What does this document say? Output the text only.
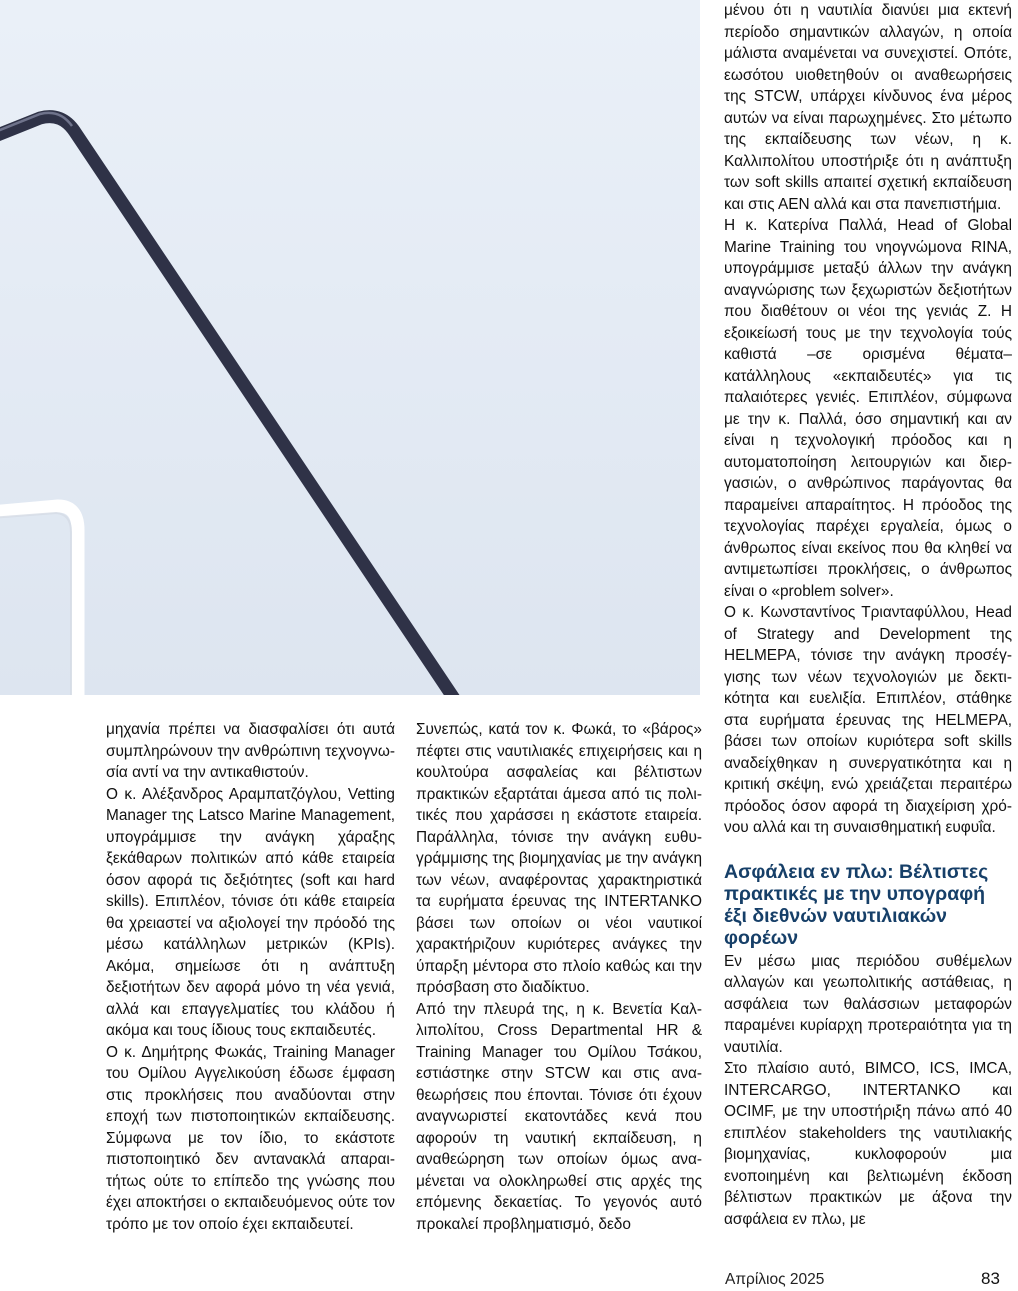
μηχανία πρέπει να διασφαλίσει ότι αυτά συμπληρώνουν την ανθρώπινη τεχνογνωσία αντί να την αντικαθιστούν.

Ο κ. Αλέξανδρος Αραμπατζόγλου, Vetting Manager της Latsco Marine Management, υπογράμμισε την ανάγκη χάραξης ξεκάθαρων πολιτικών από κάθε εταιρεία όσον αφορά τις δεξιότητες (soft και hard skills). Επιπλέον, τόνισε ότι κάθε εταιρεία θα χρειαστεί να αξιολογεί την πρόοδό της μέσω κατάλληλων μετρικών (KPIs). Ακόμα, σημείωσε ότι η ανάπτυξη δεξιοτήτων δεν αφορά μόνο τη νέα γενιά, αλλά και επαγγελματίες του κλάδου ή ακόμα και τους ίδιους τους εκπαιδευτές.

Ο κ. Δημήτρης Φωκάς, Training Manager του Ομίλου Αγγελικούση έδωσε έμφαση στις προκλήσεις που αναδύονται στην εποχή των πιστοποιητικών εκπαίδευσης. Σύμφωνα με τον ίδιο, το εκάστοτε πιστοποιητικό δεν αντανακλά απαραιτήτως ούτε το επίπεδο της γνώσης που έχει αποκτήσει ο εκπαιδευόμενος ούτε τον τρόπο με τον οποίο έχει εκπαιδευτεί.

Συνεπώς, κατά τον κ. Φωκά, το «βάρος» πέφτει στις ναυτιλιακές επιχειρήσεις και η κουλτούρα ασφαλείας και βέλτιστων πρακτικών εξαρτάται άμεσα από τις πολιτικές που χαράσσει η εκάστοτε εταιρεία. Παράλληλα, τόνισε την ανάγκη ευθυγράμμισης της βιομηχανίας με την ανάγκη των νέων, αναφέροντας χαρακτηριστικά τα ευρήματα έρευνας της INTERTANKO βάσει των οποίων οι νέοι ναυτικοί χαρακτήριζουν κυριότερες ανάγκες την ύπαρξη μέντορα στο πλοίο καθώς και την πρόσβαση στο διαδίκτυο.

Από την πλευρά της, η κ. Βενετία Καλλιπολίτου, Cross Departmental HR & Training Manager του Ομίλου Τσάκου, εστιάστηκε στην STCW και στις αναθεωρήσεις που έπονται. Τόνισε ότι έχουν αναγνωριστεί εκατοντάδες κενά που αφορούν τη ναυτική εκπαίδευση, η αναθεώρηση των οποίων όμως αναμένεται να ολοκληρωθεί στις αρχές της επόμενης δεκαετίας. Το γεγονός αυτό προκαλεί προβληματισμό, δεδο

μένου ότι η ναυτιλία διανύει μια εκτενή περίοδο σημαντικών αλλαγών, η οποία μάλιστα αναμένεται να συνεχιστεί. Οπότε, εωσότου υιοθετηθούν οι αναθεωρήσεις της STCW, υπάρχει κίνδυνος ένα μέρος αυτών να είναι παρωχημένες. Στο μέτωπο της εκπαίδευσης των νέων, η κ. Καλλιπολίτου υποστήριξε ότι η ανάπτυξη των soft skills απαιτεί σχετική εκπαίδευση και στις ΑΕΝ αλλά και στα πανεπιστήμια.

Η κ. Κατερίνα Παλλά, Head of Global Marine Training του νηογνώμονα RINA, υπογράμμισε μεταξύ άλλων την ανάγκη αναγνώρισης των ξεχωριστών δεξιοτήτων που διαθέτουν οι νέοι της γενιάς Ζ. Η εξοικείωσή τους με την τεχνολογία τούς καθιστά –σε ορισμένα θέματα– κατάλληλους «εκπαιδευτές» για τις παλαιότερες γενιές. Επιπλέον, σύμφωνα με την κ. Παλλά, όσο σημαντική και αν είναι η τεχνολογική πρόοδος και η αυτοματοποίηση λειτουργιών και διεργασιών, ο ανθρώπινος παράγοντας θα παραμείνει απαραίτητος. Η πρόοδος της τεχνολογίας παρέχει εργαλεία, όμως ο άνθρωπος είναι εκείνος που θα κληθεί να αντιμετωπίσει προκλήσεις, ο άνθρωπος είναι ο «problem solver».

Ο κ. Κωνσταντίνος Τριανταφύλλου, Head of Strategy and Development της HELMEPA, τόνισε την ανάγκη προσέγγισης των νέων τεχνολογιών με δεκτικότητα και ευελιξία. Επιπλέον, στάθηκε στα ευρήματα έρευνας της HELMEPA, βάσει των οποίων κυριότερα soft skills αναδείχθηκαν η συνεργατικότητα και η κριτική σκέψη, ενώ χρειάζεται περαιτέρω πρόοδος όσον αφορά τη διαχείριση χρόνου αλλά και τη συναισθηματική ευφυΐα.

Ασφάλεια εν πλω: Βέλτιστες πρακτικές με την υπογραφή έξι διεθνών ναυτιλιακών φορέων

Εν μέσω μιας περιόδου συθέμελων αλλαγών και γεωπολιτικής αστάθειας, η ασφάλεια των θαλάσσιων μεταφορών παραμένει κυρίαρχη προτεραιότητα για τη ναυτιλία.

Στο πλαίσιο αυτό, BIMCO, ICS, IMCA, INTERCARGO, INTERTANKO και OCIMF, με την υποστήριξη πάνω από 40 επιπλέον stakeholders της ναυτιλιακής βιομηχανίας, κυκλοφορούν μια ενοποιημένη και βελτιωμένη έκδοση βέλτιστων πρακτικών με άξονα την ασφάλεια εν πλω, με

Απρίλιος 2025	83
